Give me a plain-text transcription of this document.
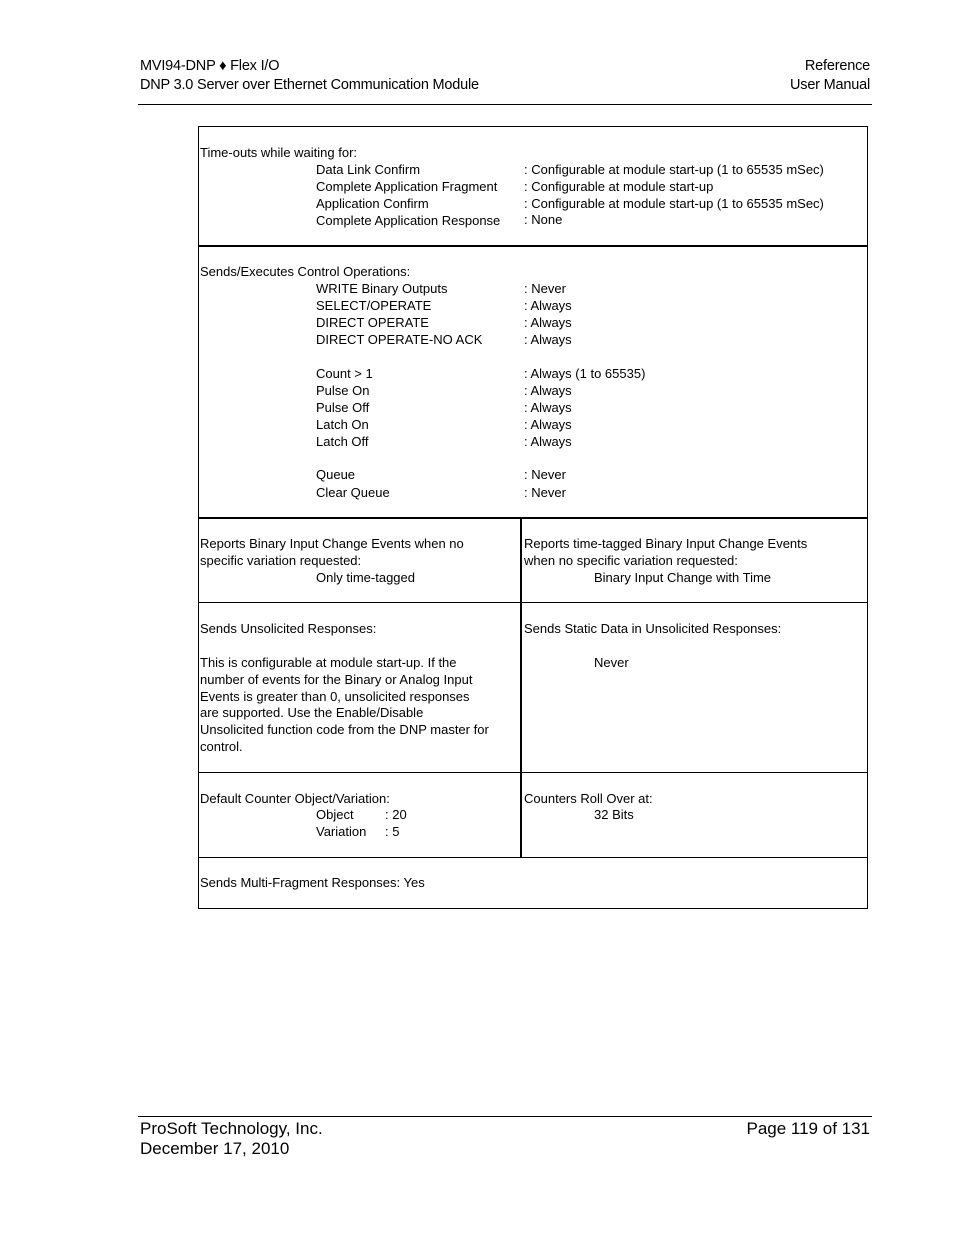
MVI94-DNP ♦ Flex I/O
DNP 3.0 Server over Ethernet Communication Module
Reference
User Manual
Time-outs while waiting for:
Data Link Confirm	: Configurable at module start-up (1 to 65535 mSec)
Complete Application Fragment : Configurable at module start-up
Application Confirm	: Configurable at module start-up (1 to 65535 mSec)
Complete Application Response : None
Sends/Executes Control Operations:
WRITE Binary Outputs	: Never
SELECT/OPERATE	: Always
DIRECT OPERATE	: Always
DIRECT OPERATE-NO ACK	: Always
Count > 1	: Always (1 to 65535)
Pulse On	: Always
Pulse Off	: Always
Latch On	: Always
Latch Off	: Always
Queue	: Never
Clear Queue	: Never
Reports Binary Input Change Events when no
specific variation requested:
Only time-tagged
Reports time-tagged Binary Input Change Events
when no specific variation requested:
Binary Input Change with Time
Sends Unsolicited Responses:
This is configurable at module start-up. If the
number of events for the Binary or Analog Input
Events is greater than 0, unsolicited responses
are supported. Use the Enable/Disable
Unsolicited function code from the DNP master for
control.
Sends Static Data in Unsolicited Responses:
Never
Default Counter Object/Variation:
Object : 20
Variation : 5
Counters Roll Over at:
32 Bits
Sends Multi-Fragment Responses: Yes
ProSoft Technology, Inc.
December 17, 2010
Page 119 of 131
